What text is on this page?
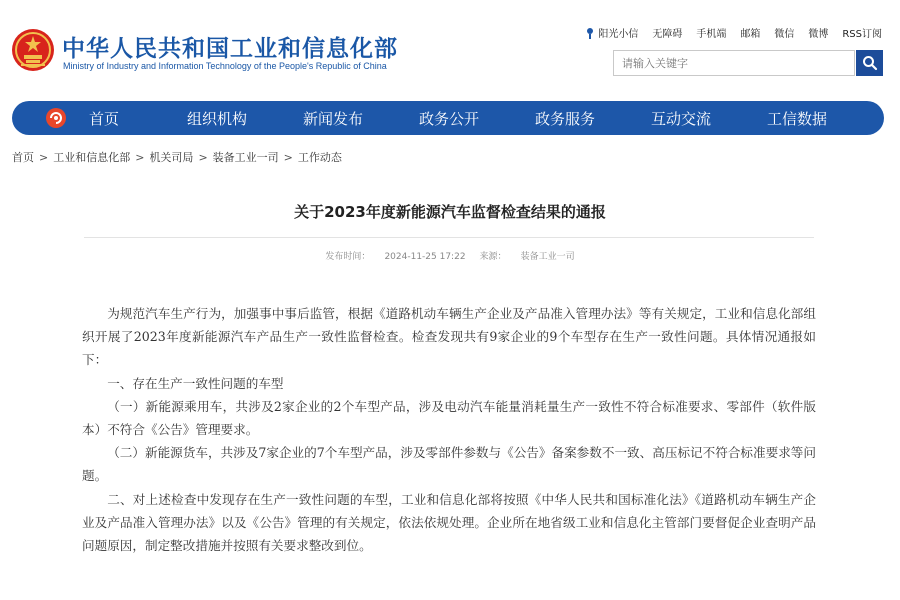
中华人民共和国工业和信息化部
Ministry of Industry and Information Technology of the People's Republic of China
阳光小信 无障碍 手机端 邮箱 微信 微博 RSS订阅
请输入关键字
首页	组织机构	新闻发布	政务公开	政务服务	互动交流	工信数据
首页 > 工业和信息化部 > 机关司局 > 装备工业一司 > 工作动态
关于2023年度新能源汽车监督检查结果的通报
发布时间： 2024-11-25 17:22 来源： 装备工业一司

为规范汽车生产行为，加强事中事后监管，根据《道路机动车辆生产企业及产品准入管理办法》等有关规定，工业和信息化部组织开展了2023年度新能源汽车产品生产一致性监督检查。检查发现共有9家企业的9个车型存在生产一致性问题。具体情况通报如下：

一、存在生产一致性问题的车型

（一）新能源乘用车，共涉及2家企业的2个车型产品，涉及电动汽车能量消耗量生产一致性不符合标准要求、零部件（软件版本）不符合《公告》管理要求。

（二）新能源货车，共涉及7家企业的7个车型产品，涉及零部件参数与《公告》备案参数不一致、高压标记不符合标准要求等问题。

二、对上述检查中发现存在生产一致性问题的车型，工业和信息化部将按照《中华人民共和国标准化法》《道路机动车辆生产企业及产品准入管理办法》以及《公告》管理的有关规定，依法依规处理。企业所在地省级工业和信息化主管部门要督促企业查明产品问题原因，制定整改措施并按照有关要求整改到位。
